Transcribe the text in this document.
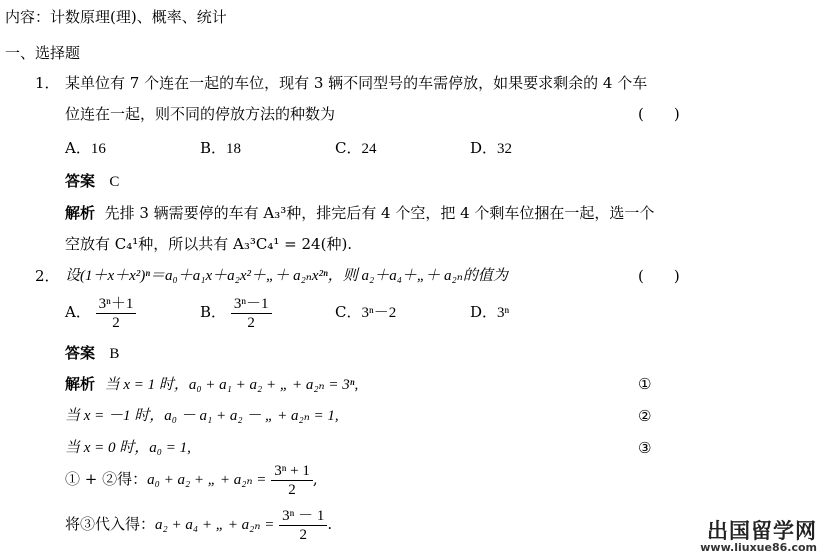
内容：计数原理(理)、概率、统计
一、选择题
1． 某单位有 7 个连在一起的车位，现有 3 辆不同型号的车需停放，如果要求剩余的 4 个车
位连在一起，则不同的停放方法的种数为	(　　)
A．16	B．18	C．24	D．32
答案 C
解析 先排 3 辆需要停的车有 A₃³种，排完后有 4 个空，把 4 个剩车位捆在一起，选一个
空放有 C₄¹种，所以共有 A₃³C₄¹ = 24(种).
2． 设(1＋x＋x²)ⁿ＝a₀＋a₁x＋a₂x²＋„＋ a₂ₙx²ⁿ，则 a₂＋a₄＋„＋ a₂ₙ的值为	(　　)
A． $\frac{\text{3ⁿ＋1}}{2}$	B． $\frac{\text{3ⁿ－1}}{2}$	C．3ⁿ－2	D．3ⁿ
答案 B
解析 当 x = 1 时，a₀ + a₁ + a₂ + „ + a₂ₙ = 3ⁿ,	①
当 x = －1 时，a₀ － a₁ + a₂ － „ + a₂ₙ = 1,	②
当 x = 0 时，a₀ = 1,	③
① + ②得：a₀ + a₂ + „ + $a_{2n} = \frac{\text{3ⁿ + 1}}{2}$ ,
将③代入得：a₂ + a₄ + „ + $a_{2n} = \frac{\text{3ⁿ － 1}}{2}$ .	出国留学网
www.liuxue86.com
